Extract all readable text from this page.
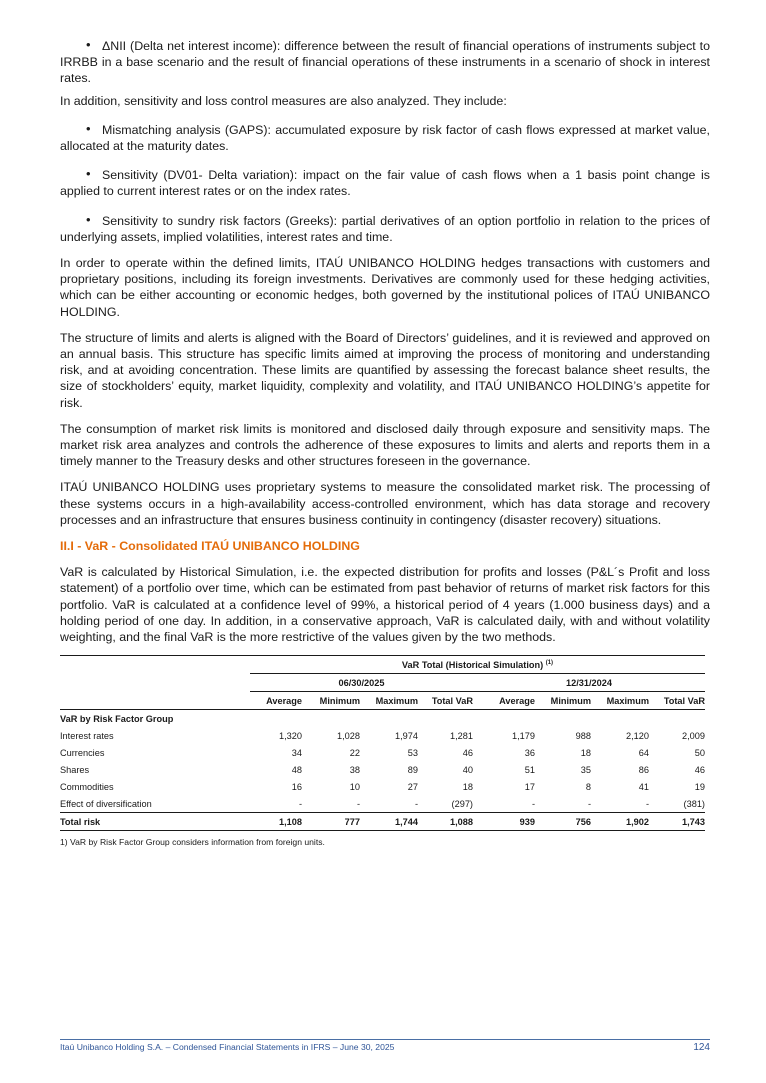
• ΔNII (Delta net interest income): difference between the result of financial operations of instruments subject to IRRBB in a base scenario and the result of financial operations of these instruments in a scenario of shock in interest rates.

In addition, sensitivity and loss control measures are also analyzed. They include:

• Mismatching analysis (GAPS): accumulated exposure by risk factor of cash flows expressed at market value, allocated at the maturity dates.

• Sensitivity (DV01- Delta variation): impact on the fair value of cash flows when a 1 basis point change is applied to current interest rates or on the index rates.

• Sensitivity to sundry risk factors (Greeks): partial derivatives of an option portfolio in relation to the prices of underlying assets, implied volatilities, interest rates and time.

In order to operate within the defined limits, ITAÚ UNIBANCO HOLDING hedges transactions with customers and proprietary positions, including its foreign investments. Derivatives are commonly used for these hedging activities, which can be either accounting or economic hedges, both governed by the institutional polices of ITAÚ UNIBANCO HOLDING.

The structure of limits and alerts is aligned with the Board of Directors’ guidelines, and it is reviewed and approved on an annual basis. This structure has specific limits aimed at improving the process of monitoring and understanding risk, and at avoiding concentration. These limits are quantified by assessing the forecast balance sheet results, the size of stockholders’ equity, market liquidity, complexity and volatility, and ITAÚ UNIBANCO HOLDING’s appetite for risk.

The consumption of market risk limits is monitored and disclosed daily through exposure and sensitivity maps. The market risk area analyzes and controls the adherence of these exposures to limits and alerts and reports them in a timely manner to the Treasury desks and other structures foreseen in the governance.

ITAÚ UNIBANCO HOLDING uses proprietary systems to measure the consolidated market risk. The processing of these systems occurs in a high-availability access-controlled environment, which has data storage and recovery processes and an infrastructure that ensures business continuity in contingency (disaster recovery) situations.

II.I - VaR - Consolidated ITAÚ UNIBANCO HOLDING

VaR is calculated by Historical Simulation, i.e. the expected distribution for profits and losses (P&L´s Profit and loss statement) of a portfolio over time, which can be estimated from past behavior of returns of market risk factors for this portfolio. VaR is calculated at a confidence level of 99%, a historical period of 4 years (1.000 business days) and a holding period of one day. In addition, in a conservative approach, VaR is calculated daily, with and without volatility weighting, and the final VaR is the more restrictive of the values given by the two methods.

	VaR Total (Historical Simulation) $^{(1)}$
	06/30/2025				12/31/2024			
	Average	Minimum	Maximum	Total VaR	Average	Minimum	Maximum	Total VaR
VaR by Risk Factor Group								
Interest rates	1,320	1,028	1,974	1,281	1,179	988	2,120	2,009
Currencies	34	22	53	46	36	18	64	50
Shares	48	38	89	40	51	35	86	46
Commodities	16	10	27	18	17	8	41	19
Effect of diversification	-	-	-	(297)	-	-	-	(381)
Total risk	1,108	777	1,744	1,088	939	756	1,902	1,743
1) VaR by Risk Factor Group considers information from foreign units.
Itaú Unibanco Holding S.A. – Condensed Financial Statements in IFRS – June 30, 2025	124
